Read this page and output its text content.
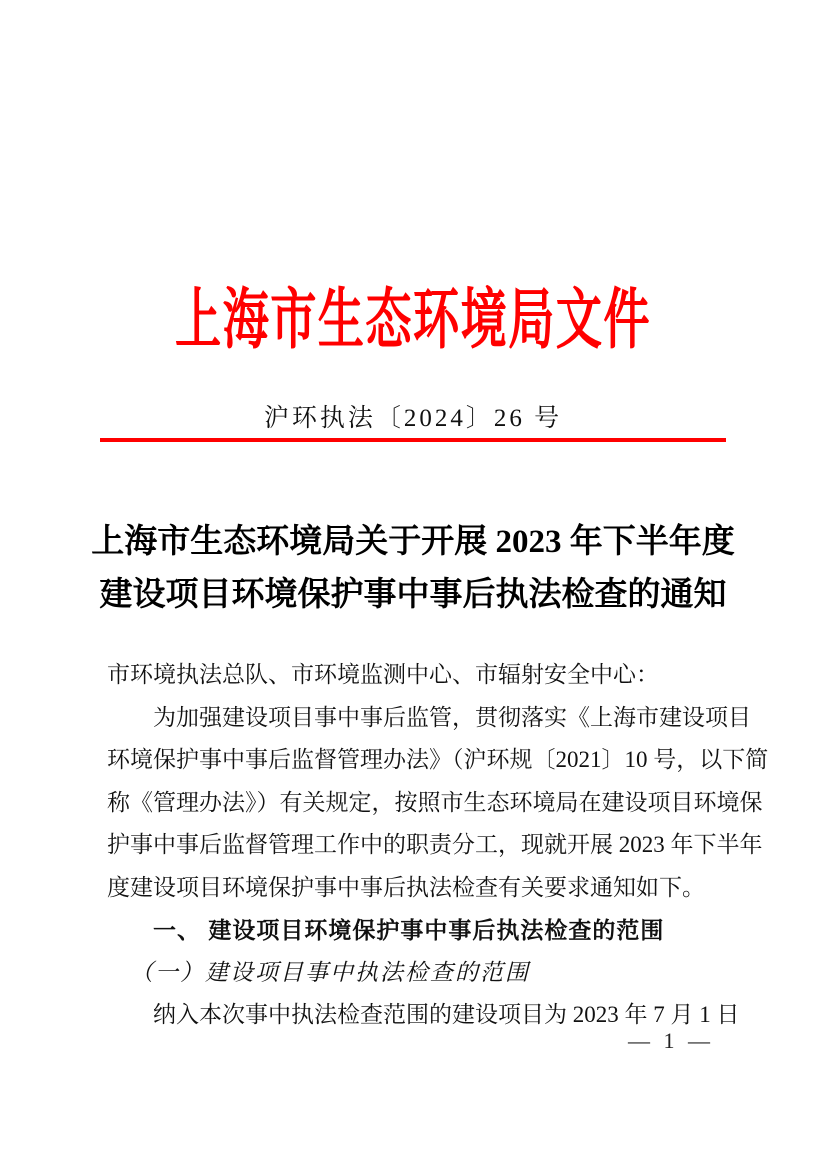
上海市生态环境局文件
沪环执法〔2024〕26 号
上海市生态环境局关于开展 2023 年下半年度
建设项目环境保护事中事后执法检查的通知
市环境执法总队、市环境监测中心、市辐射安全中心：
为加强建设项目事中事后监管，贯彻落实《上海市建设项目
环境保护事中事后监督管理办法》（沪环规〔2021〕10 号，以下简
称《管理办法》）有关规定，按照市生态环境局在建设项目环境保
护事中事后监督管理工作中的职责分工，现就开展 2023 年下半年
度建设项目环境保护事中事后执法检查有关要求通知如下。
一、 建设项目环境保护事中事后执法检查的范围
（一）建设项目事中执法检查的范围
纳入本次事中执法检查范围的建设项目为 2023 年 7 月 1 日
— 1 —
